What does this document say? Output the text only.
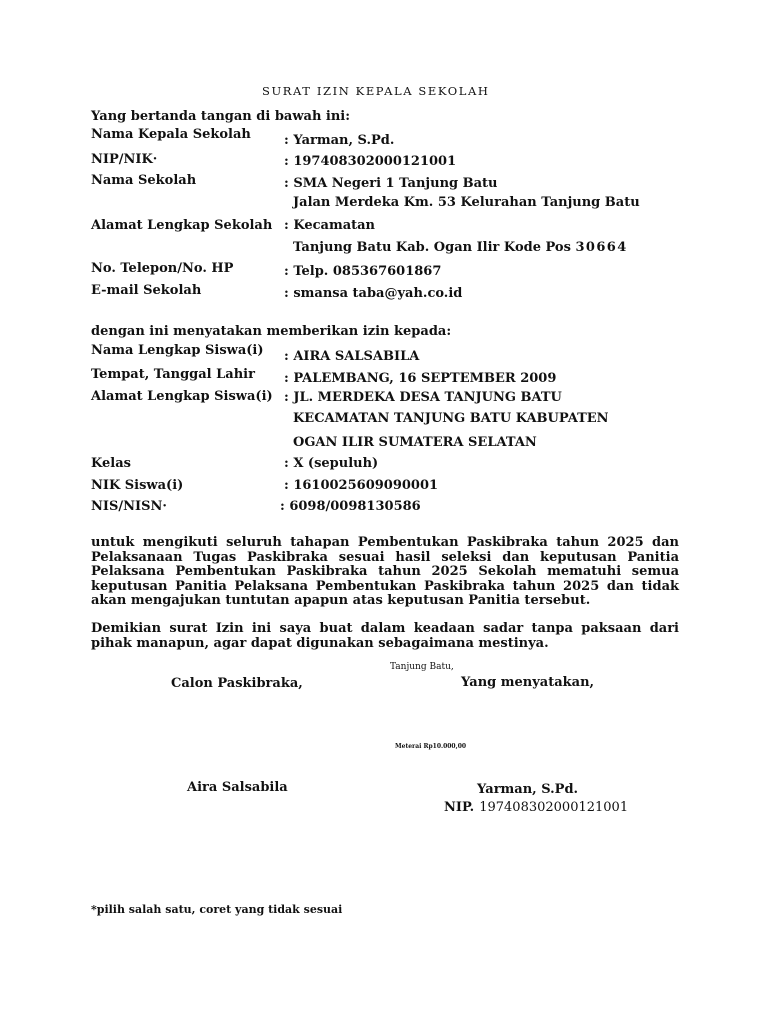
SURAT IZIN KEPALA SEKOLAH
Yang bertanda tangan di bawah ini:
Nama Kepala Sekolah	: Yarman, S.Pd.
NIP/NIK·	: 197408302000121001
Nama Sekolah	: SMA Negeri 1 Tanjung Batu
Jalan Merdeka Km. 53 Kelurahan Tanjung Batu
Alamat Lengkap Sekolah : Kecamatan
Tanjung Batu Kab. Ogan Ilir Kode Pos 30664
No. Telepon/No. HP	: Telp. 085367601867
E-mail Sekolah	: smansa taba@yah.co.id
dengan ini menyatakan memberikan izin kepada:
Nama Lengkap Siswa(i) : AIRA SALSABILA
Tempat, Tanggal Lahir : PALEMBANG, 16 SEPTEMBER 2009
Alamat Lengkap Siswa(i) : JL. MERDEKA DESA TANJUNG BATU
KECAMATAN TANJUNG BATU KABUPATEN
OGAN ILIR SUMATERA SELATAN
Kelas	: X (sepuluh)
NIK Siswa(i)	: 1610025609090001
NIS/NISN·	: 6098/0098130586
untuk mengikuti seluruh tahapan Pembentukan Paskibraka tahun 2025 dan Pelaksanaan Tugas Paskibraka sesuai hasil seleksi dan keputusan Panitia Pelaksana Pembentukan Paskibraka tahun 2025 Sekolah mematuhi semua keputusan Panitia Pelaksana Pembentukan Paskibraka tahun 2025 dan tidak akan mengajukan tuntutan apapun atas keputusan Panitia tersebut.
Demikian surat Izin ini saya buat dalam keadaan sadar tanpa paksaan dari pihak manapun, agar dapat digunakan sebagaimana mestinya.
Tanjung Batu,
Calon Paskibraka,	Yang menyatakan,
Meterai Rp10.000,00
Aira Salsabila	Yarman, S.Pd.
NIP. 197408302000121001
*pilih salah satu, coret yang tidak sesuai
